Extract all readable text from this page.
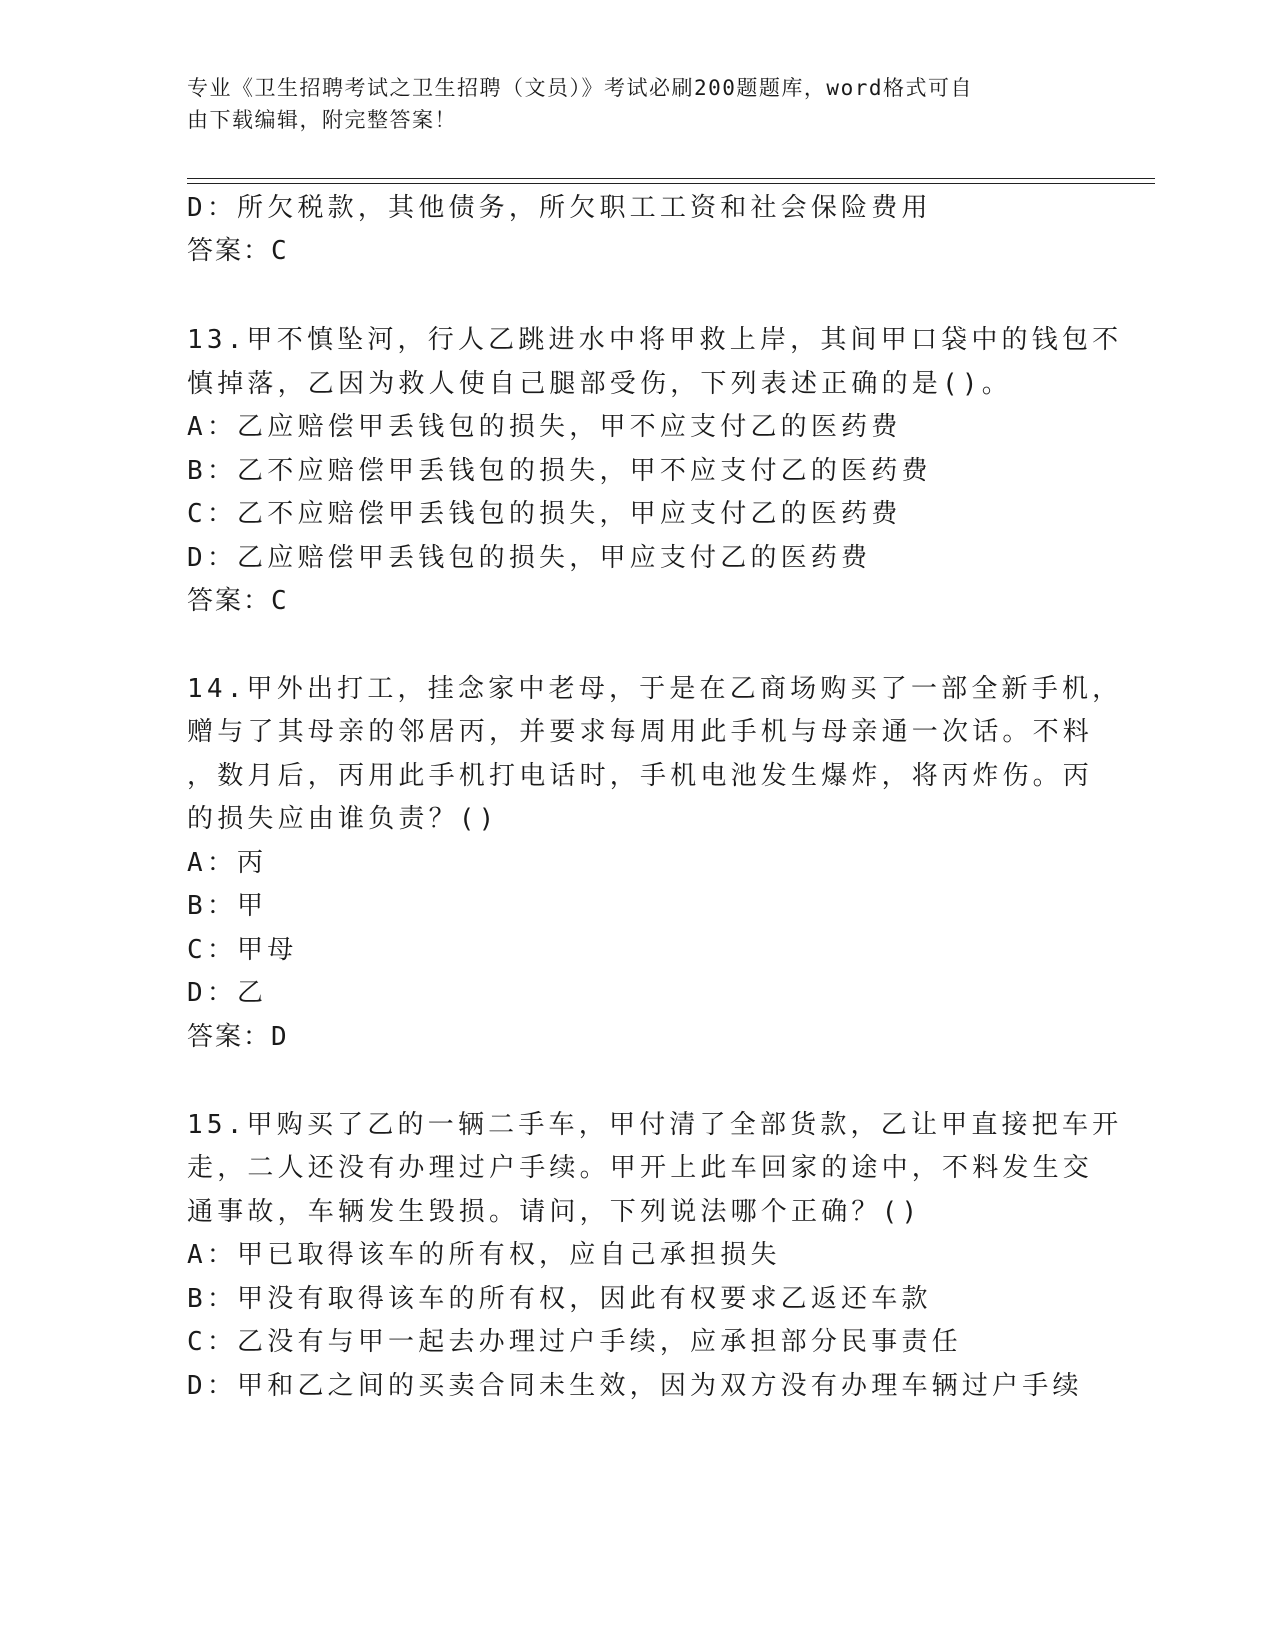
专业《卫生招聘考试之卫生招聘（文员）》考试必刷200题题库，word格式可自
由下载编辑，附完整答案！
D：所欠税款，其他债务，所欠职工工资和社会保险费用
答案：C
13.甲不慎坠河，行人乙跳进水中将甲救上岸，其间甲口袋中的钱包不
慎掉落，乙因为救人使自己腿部受伤，下列表述正确的是()。
A：乙应赔偿甲丢钱包的损失，甲不应支付乙的医药费
B：乙不应赔偿甲丢钱包的损失，甲不应支付乙的医药费
C：乙不应赔偿甲丢钱包的损失，甲应支付乙的医药费
D：乙应赔偿甲丢钱包的损失，甲应支付乙的医药费
答案：C
14.甲外出打工，挂念家中老母，于是在乙商场购买了一部全新手机，
赠与了其母亲的邻居丙，并要求每周用此手机与母亲通一次话。不料
，数月后，丙用此手机打电话时，手机电池发生爆炸，将丙炸伤。丙
的损失应由谁负责？()
A：丙
B：甲
C：甲母
D：乙
答案：D
15.甲购买了乙的一辆二手车，甲付清了全部货款，乙让甲直接把车开
走，二人还没有办理过户手续。甲开上此车回家的途中，不料发生交
通事故，车辆发生毁损。请问，下列说法哪个正确？()
A：甲已取得该车的所有权，应自己承担损失
B：甲没有取得该车的所有权，因此有权要求乙返还车款
C：乙没有与甲一起去办理过户手续，应承担部分民事责任
D：甲和乙之间的买卖合同未生效，因为双方没有办理车辆过户手续
